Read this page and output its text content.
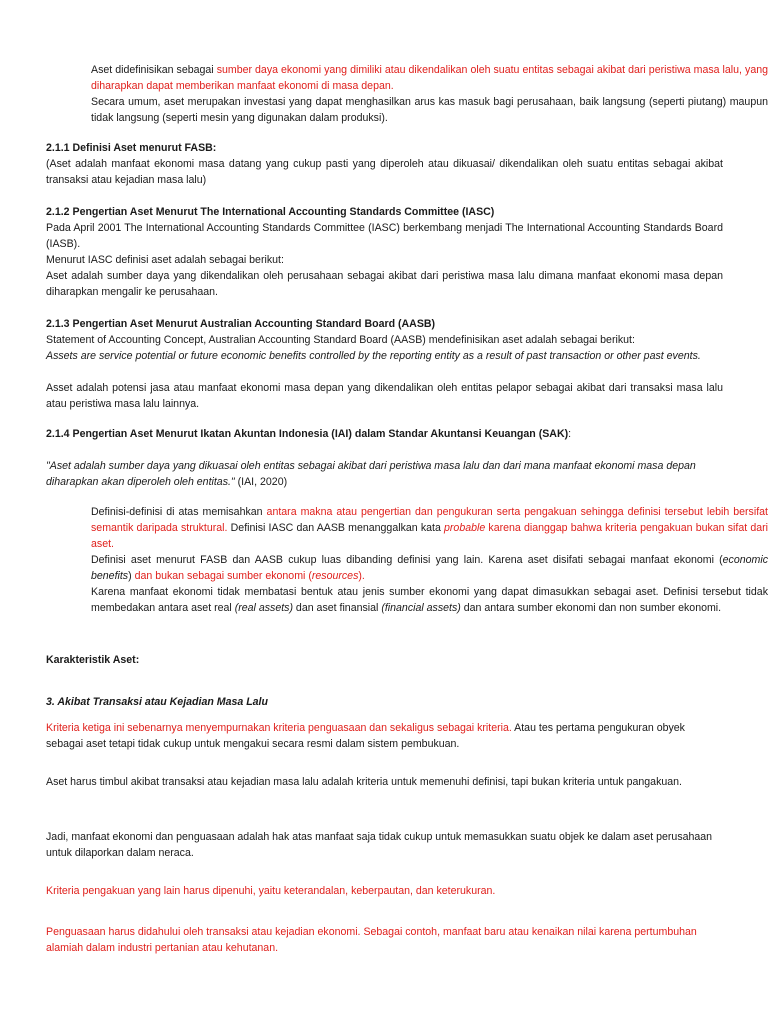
Aset didefinisikan sebagai sumber daya ekonomi yang dimiliki atau dikendalikan oleh suatu entitas sebagai akibat dari peristiwa masa lalu, yang diharapkan dapat memberikan manfaat ekonomi di masa depan.

Secara umum, aset merupakan investasi yang dapat menghasilkan arus kas masuk bagi perusahaan, baik langsung (seperti piutang) maupun tidak langsung (seperti mesin yang digunakan dalam produksi).

2.1.1 Definisi Aset menurut FASB:

(Aset adalah manfaat ekonomi masa datang yang cukup pasti yang diperoleh atau dikuasai/ dikendalikan oleh suatu entitas sebagai akibat transaksi atau kejadian masa lalu)

2.1.2 Pengertian Aset Menurut The International Accounting Standards Committee (IASC)

Pada April 2001 The International Accounting Standards Committee (IASC) berkembang menjadi The International Accounting Standards Board (IASB).

Menurut IASC definisi aset adalah sebagai berikut:

Aset adalah sumber daya yang dikendalikan oleh perusahaan sebagai akibat dari peristiwa masa lalu dimana manfaat ekonomi masa depan diharapkan mengalir ke perusahaan.

2.1.3 Pengertian Aset Menurut Australian Accounting Standard Board (AASB)

Statement of Accounting Concept, Australian Accounting Standard Board (AASB) mendefinisikan aset adalah sebagai berikut:

Assets are service potential or future economic benefits controlled by the reporting entity as a result of past transaction or other past events.

Asset adalah potensi jasa atau manfaat ekonomi masa depan yang dikendalikan oleh entitas pelapor sebagai akibat dari transaksi masa lalu atau peristiwa masa lalu lainnya.

2.1.4 Pengertian Aset Menurut Ikatan Akuntan Indonesia (IAI) dalam Standar Akuntansi Keuangan (SAK):

"Aset adalah sumber daya yang dikuasai oleh entitas sebagai akibat dari peristiwa masa lalu dan dari mana manfaat ekonomi masa depan diharapkan akan diperoleh oleh entitas." (IAI, 2020)

Definisi-definisi di atas memisahkan antara makna atau pengertian dan pengukuran serta pengakuan sehingga definisi tersebut lebih bersifat semantik daripada struktural. Definisi IASC dan AASB menanggalkan kata probable karena dianggap bahwa kriteria pengakuan bukan sifat dari aset.

Definisi aset menurut FASB dan AASB cukup luas dibanding definisi yang lain. Karena aset disifati sebagai manfaat ekonomi (economic benefits) dan bukan sebagai sumber ekonomi (resources).

Karena manfaat ekonomi tidak membatasi bentuk atau jenis sumber ekonomi yang dapat dimasukkan sebagai aset. Definisi tersebut tidak membedakan antara aset real (real assets) dan aset finansial (financial assets) dan antara sumber ekonomi dan non sumber ekonomi.

Karakteristik Aset:

3. Akibat Transaksi atau Kejadian Masa Lalu

Kriteria ketiga ini sebenarnya menyempurnakan kriteria penguasaan dan sekaligus sebagai kriteria. Atau tes pertama pengukuran obyek sebagai aset tetapi tidak cukup untuk mengakui secara resmi dalam sistem pembukuan.

Aset harus timbul akibat transaksi atau kejadian masa lalu adalah kriteria untuk memenuhi definisi, tapi bukan kriteria untuk pangakuan.

Jadi, manfaat ekonomi dan penguasaan adalah hak atas manfaat saja tidak cukup untuk memasukkan suatu objek ke dalam aset perusahaan untuk dilaporkan dalam neraca.

Kriteria pengakuan yang lain harus dipenuhi, yaitu keterandalan, keberpautan, dan keterukuran.

Penguasaan harus didahului oleh transaksi atau kejadian ekonomi. Sebagai contoh, manfaat baru atau kenaikan nilai karena pertumbuhan alamiah dalam industri pertanian atau kehutanan.
